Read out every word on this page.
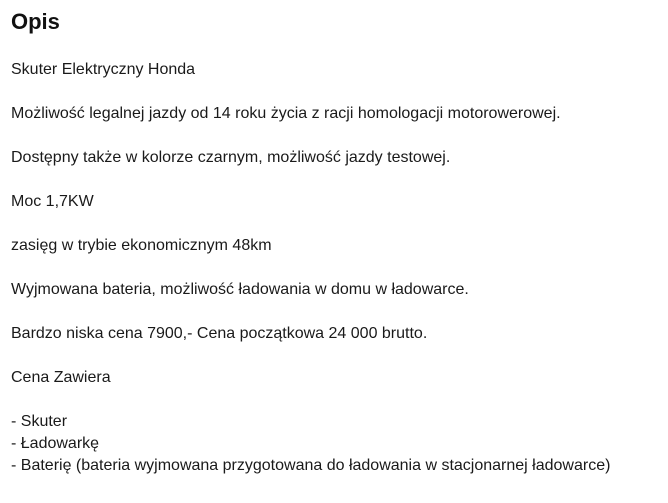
Opis

Skuter Elektryczny Honda

Możliwość legalnej jazdy od 14 roku życia z racji homologacji motorowerowej.

Dostępny także w kolorze czarnym, możliwość jazdy testowej.

Moc 1,7KW

zasięg w trybie ekonomicznym 48km

Wyjmowana bateria, możliwość ładowania w domu w ładowarce.

Bardzo niska cena 7900,- Cena początkowa 24 000 brutto.

Cena Zawiera

- Skuter
- Ładowarkę
- Baterię (bateria wyjmowana przygotowana do ładowania w stacjonarnej ładowarce)
